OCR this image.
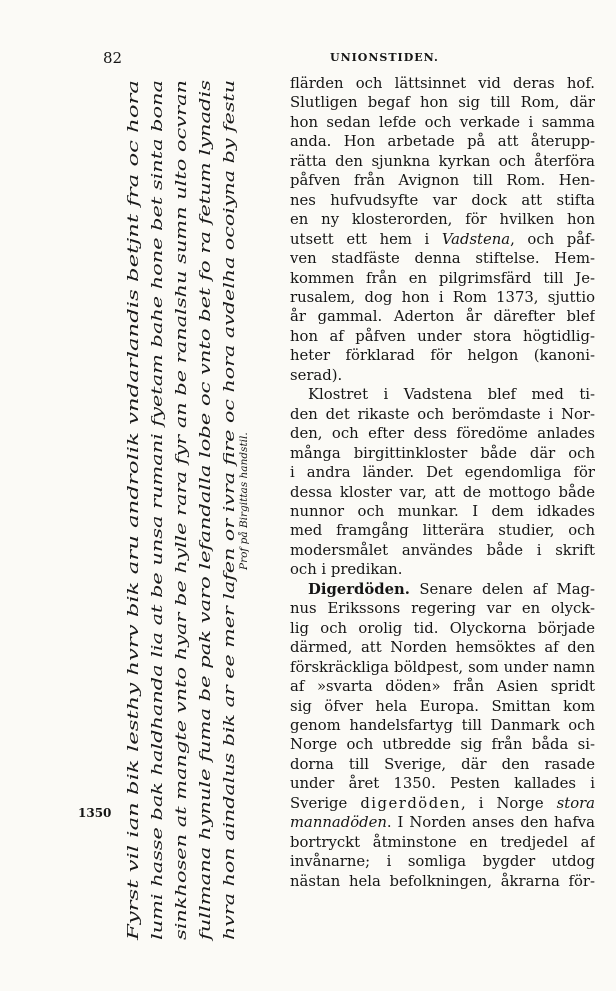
82	UNIONSTIDEN.
1350 Fyrst vil ian bik lesthy hvrv bik aru androlik vndarlandis betjnt fra oc hora lumi hasse bak haldhanda lia at be unsa rumani fyetam bahe hone bet sinta bona sinkhosen at mangte vnto hyar be hylle rara fyr an be ranalshu sumn ulto ocvran fullmana hynule fuma be pak varo lefandalla lobe oc vnto bet fo ra fetum lynadis hvra hon aindalus bik ar ee mer lafen or ivra fire oc hora avdelha ocoiyna by festu Prof på Birgittas handstil.

flärden och lättsinnet vid deras hof.
Slutligen begaf hon sig till Rom, där
hon sedan lefde och verkade i samma
anda. Hon arbetade på att återupp-
rätta den sjunkna kyrkan och återföra
påfven från Avignon till Rom. Hen-
nes hufvudsyfte var dock att stifta
en ny klosterorden, för hvilken hon
utsett ett hem i Vadstena, och påf-
ven stadfäste denna stiftelse. Hem-
kommen från en pilgrimsfärd till Je-
rusalem, dog hon i Rom 1373, sjuttio
år gammal. Aderton år därefter blef
hon af påfven under stora högtidlig-
heter förklarad för helgon (kanoni-
serad).

Klostret i Vadstena blef med ti-
den det rikaste och berömdaste i Nor-
den, och efter dess föredöme anlades
många birgittinkloster både där och
i andra länder. Det egendomliga för
dessa kloster var, att de mottogo både
nunnor och munkar. I dem idkades
med framgång litterära studier, och
modersmålet användes både i skrift
och i predikan.

Digerdöden. Senare delen af Mag-
nus Erikssons regering var en olyck-
lig och orolig tid. Olyckorna började
därmed, att Norden hemsöktes af den
förskräckliga böldpest, som under namn
af »svarta döden» från Asien spridt
sig öfver hela Europa. Smittan kom
genom handelsfartyg till Danmark och
Norge och utbredde sig från båda si-
dorna till Sverige, där den rasade
under året 1350. Pesten kallades i
Sverige digerdöden, i Norge stora
mannadöden. I Norden anses den hafva
bortryckt åtminstone en tredjedel af
invånarne; i somliga bygder utdog
nästan hela befolkningen, åkrarna för-
